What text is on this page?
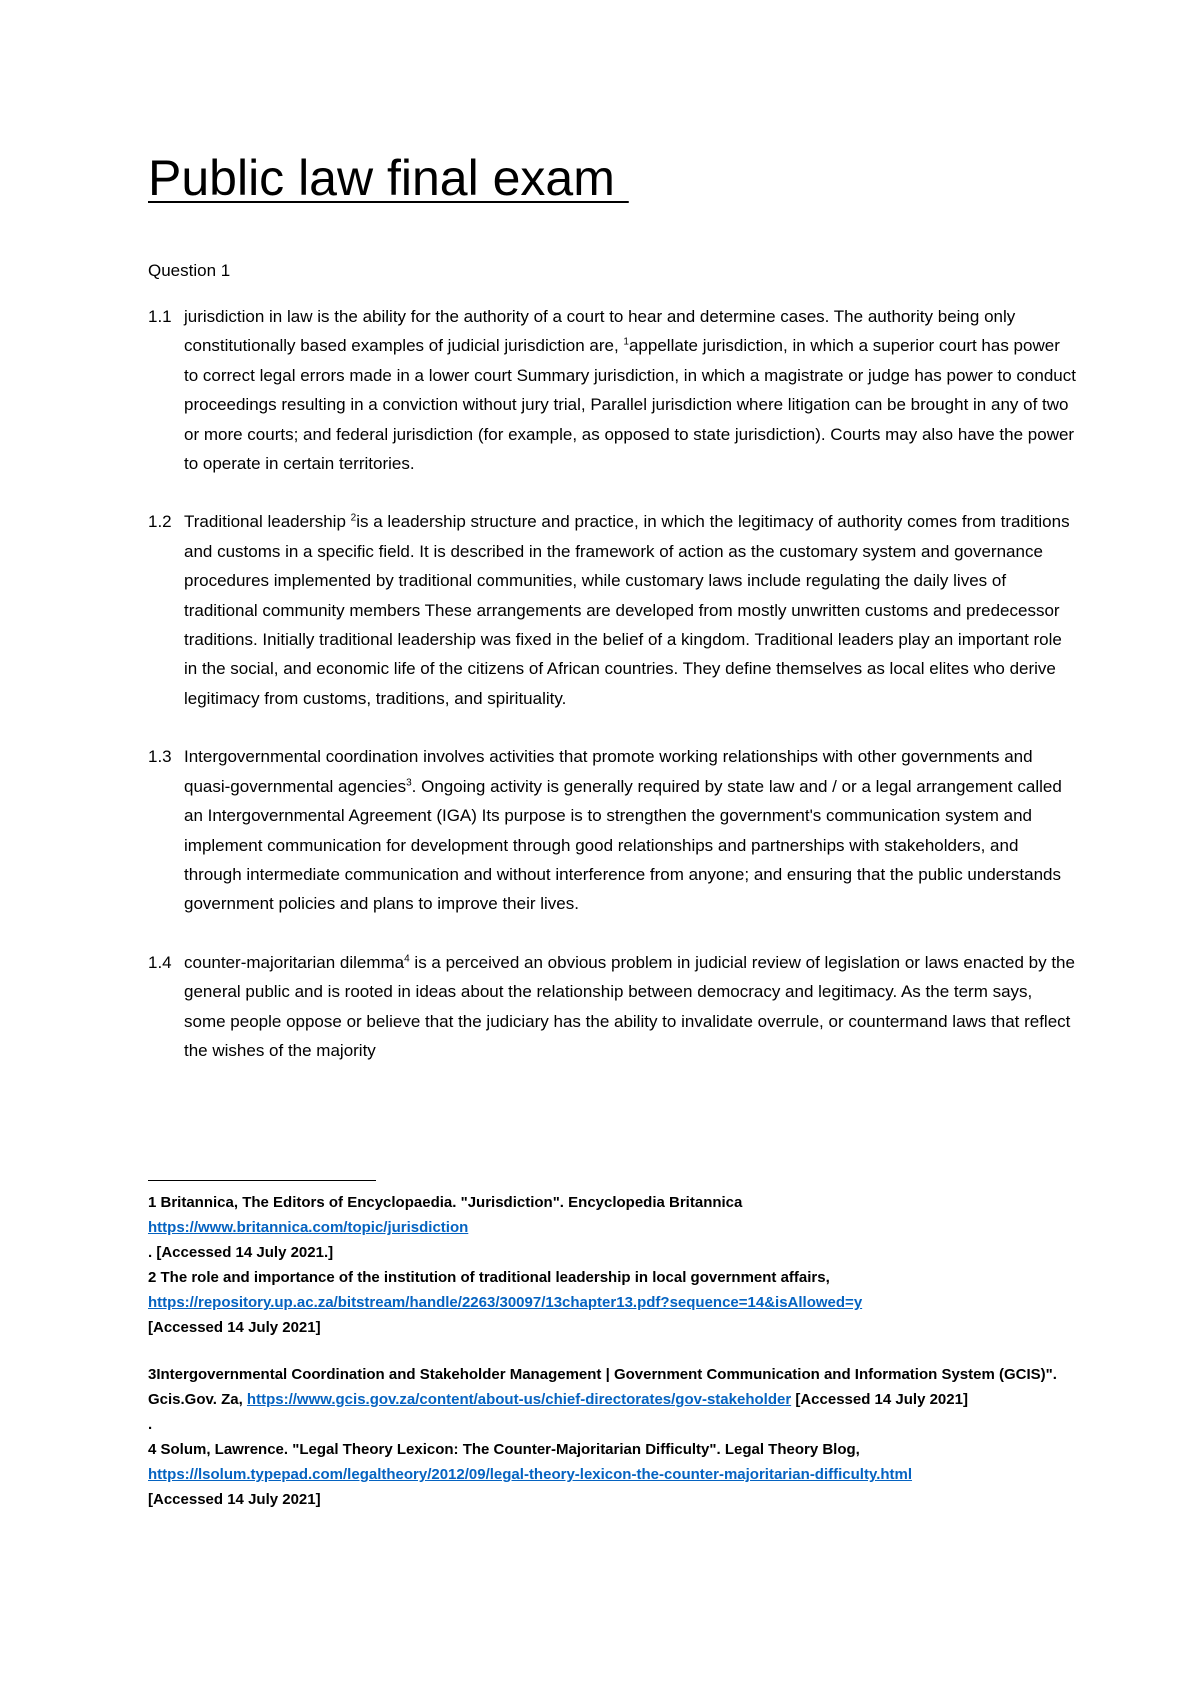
Public law final exam
Question 1
1.1 jurisdiction in law is the ability for the authority of a court to hear and determine cases. The authority being only constitutionally based examples of judicial jurisdiction are, $^1$appellate jurisdiction, in which a superior court has power to correct legal errors made in a lower court Summary jurisdiction, in which a magistrate or judge has power to conduct proceedings resulting in a conviction without jury trial, Parallel jurisdiction where litigation can be brought in any of two or more courts; and federal jurisdiction (for example, as opposed to state jurisdiction). Courts may also have the power to operate in certain territories.
1.2 Traditional leadership $^2$is a leadership structure and practice, in which the legitimacy of authority comes from traditions and customs in a specific field. It is described in the framework of action as the customary system and governance procedures implemented by traditional communities, while customary laws include regulating the daily lives of traditional community members These arrangements are developed from mostly unwritten customs and predecessor traditions. Initially traditional leadership was fixed in the belief of a kingdom. Traditional leaders play an important role in the social, and economic life of the citizens of African countries. They define themselves as local elites who derive legitimacy from customs, traditions, and spirituality.
1.3 Intergovernmental coordination involves activities that promote working relationships with other governments and quasi-governmental agencies$^3$. Ongoing activity is generally required by state law and / or a legal arrangement called an Intergovernmental Agreement (IGA) Its purpose is to strengthen the government's communication system and implement communication for development through good relationships and partnerships with stakeholders, and through intermediate communication and without interference from anyone; and ensuring that the public understands government policies and plans to improve their lives.
1.4 counter-majoritarian dilemma$^4$ is a perceived an obvious problem in judicial review of legislation or laws enacted by the general public and is rooted in ideas about the relationship between democracy and legitimacy. As the term says, some people oppose or believe that the judiciary has the ability to invalidate overrule, or countermand laws that reflect the wishes of the majority

1 Britannica, The Editors of Encyclopaedia. "Jurisdiction". Encyclopedia Britannica

https://www.britannica.com/topic/jurisdiction

. [Accessed 14 July 2021.]

2 The role and importance of the institution of traditional leadership in local government affairs,

https://repository.up.ac.za/bitstream/handle/2263/30097/13chapter13.pdf?sequence=14&isAllowed=y

[Accessed 14 July 2021]

3Intergovernmental Coordination and Stakeholder Management | Government Communication and Information System (GCIS)". Gcis.Gov. Za, https://www.gcis.gov.za/content/about-us/chief-directorates/gov-stakeholder [Accessed 14 July 2021]

.

4 Solum, Lawrence. "Legal Theory Lexicon: The Counter-Majoritarian Difficulty". Legal Theory Blog,

https://lsolum.typepad.com/legaltheory/2012/09/legal-theory-lexicon-the-counter-majoritarian-difficulty.html

[Accessed 14 July 2021]
